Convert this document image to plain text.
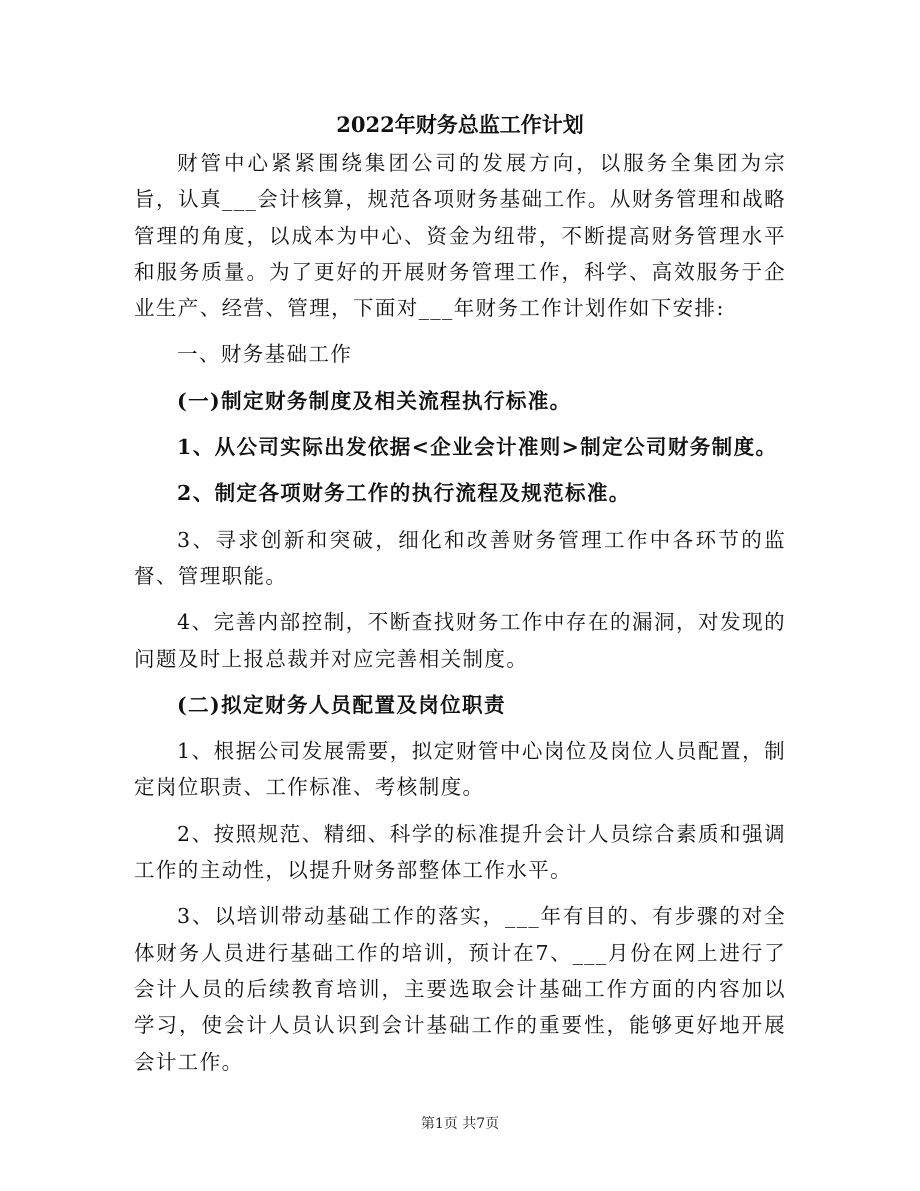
2022年财务总监工作计划

财管中心紧紧围绕集团公司的发展方向，以服务全集团为宗旨，认真___会计核算，规范各项财务基础工作。从财务管理和战略管理的角度，以成本为中心、资金为纽带，不断提高财务管理水平和服务质量。为了更好的开展财务管理工作，科学、高效服务于企业生产、经营、管理，下面对___年财务工作计划作如下安排:

一、财务基础工作

(一)制定财务制度及相关流程执行标准。

1、从公司实际出发依据<企业会计准则>制定公司财务制度。

2、制定各项财务工作的执行流程及规范标准。

3、寻求创新和突破，细化和改善财务管理工作中各环节的监督、管理职能。

4、完善内部控制，不断查找财务工作中存在的漏洞，对发现的问题及时上报总裁并对应完善相关制度。

(二)拟定财务人员配置及岗位职责

1、根据公司发展需要，拟定财管中心岗位及岗位人员配置，制定岗位职责、工作标准、考核制度。

2、按照规范、精细、科学的标准提升会计人员综合素质和强调工作的主动性，以提升财务部整体工作水平。

3、以培训带动基础工作的落实，___年有目的、有步骤的对全体财务人员进行基础工作的培训，预计在7、___月份在网上进行了会计人员的后续教育培训，主要选取会计基础工作方面的内容加以学习，使会计人员认识到会计基础工作的重要性，能够更好地开展会计工作。

第1页 共7页
